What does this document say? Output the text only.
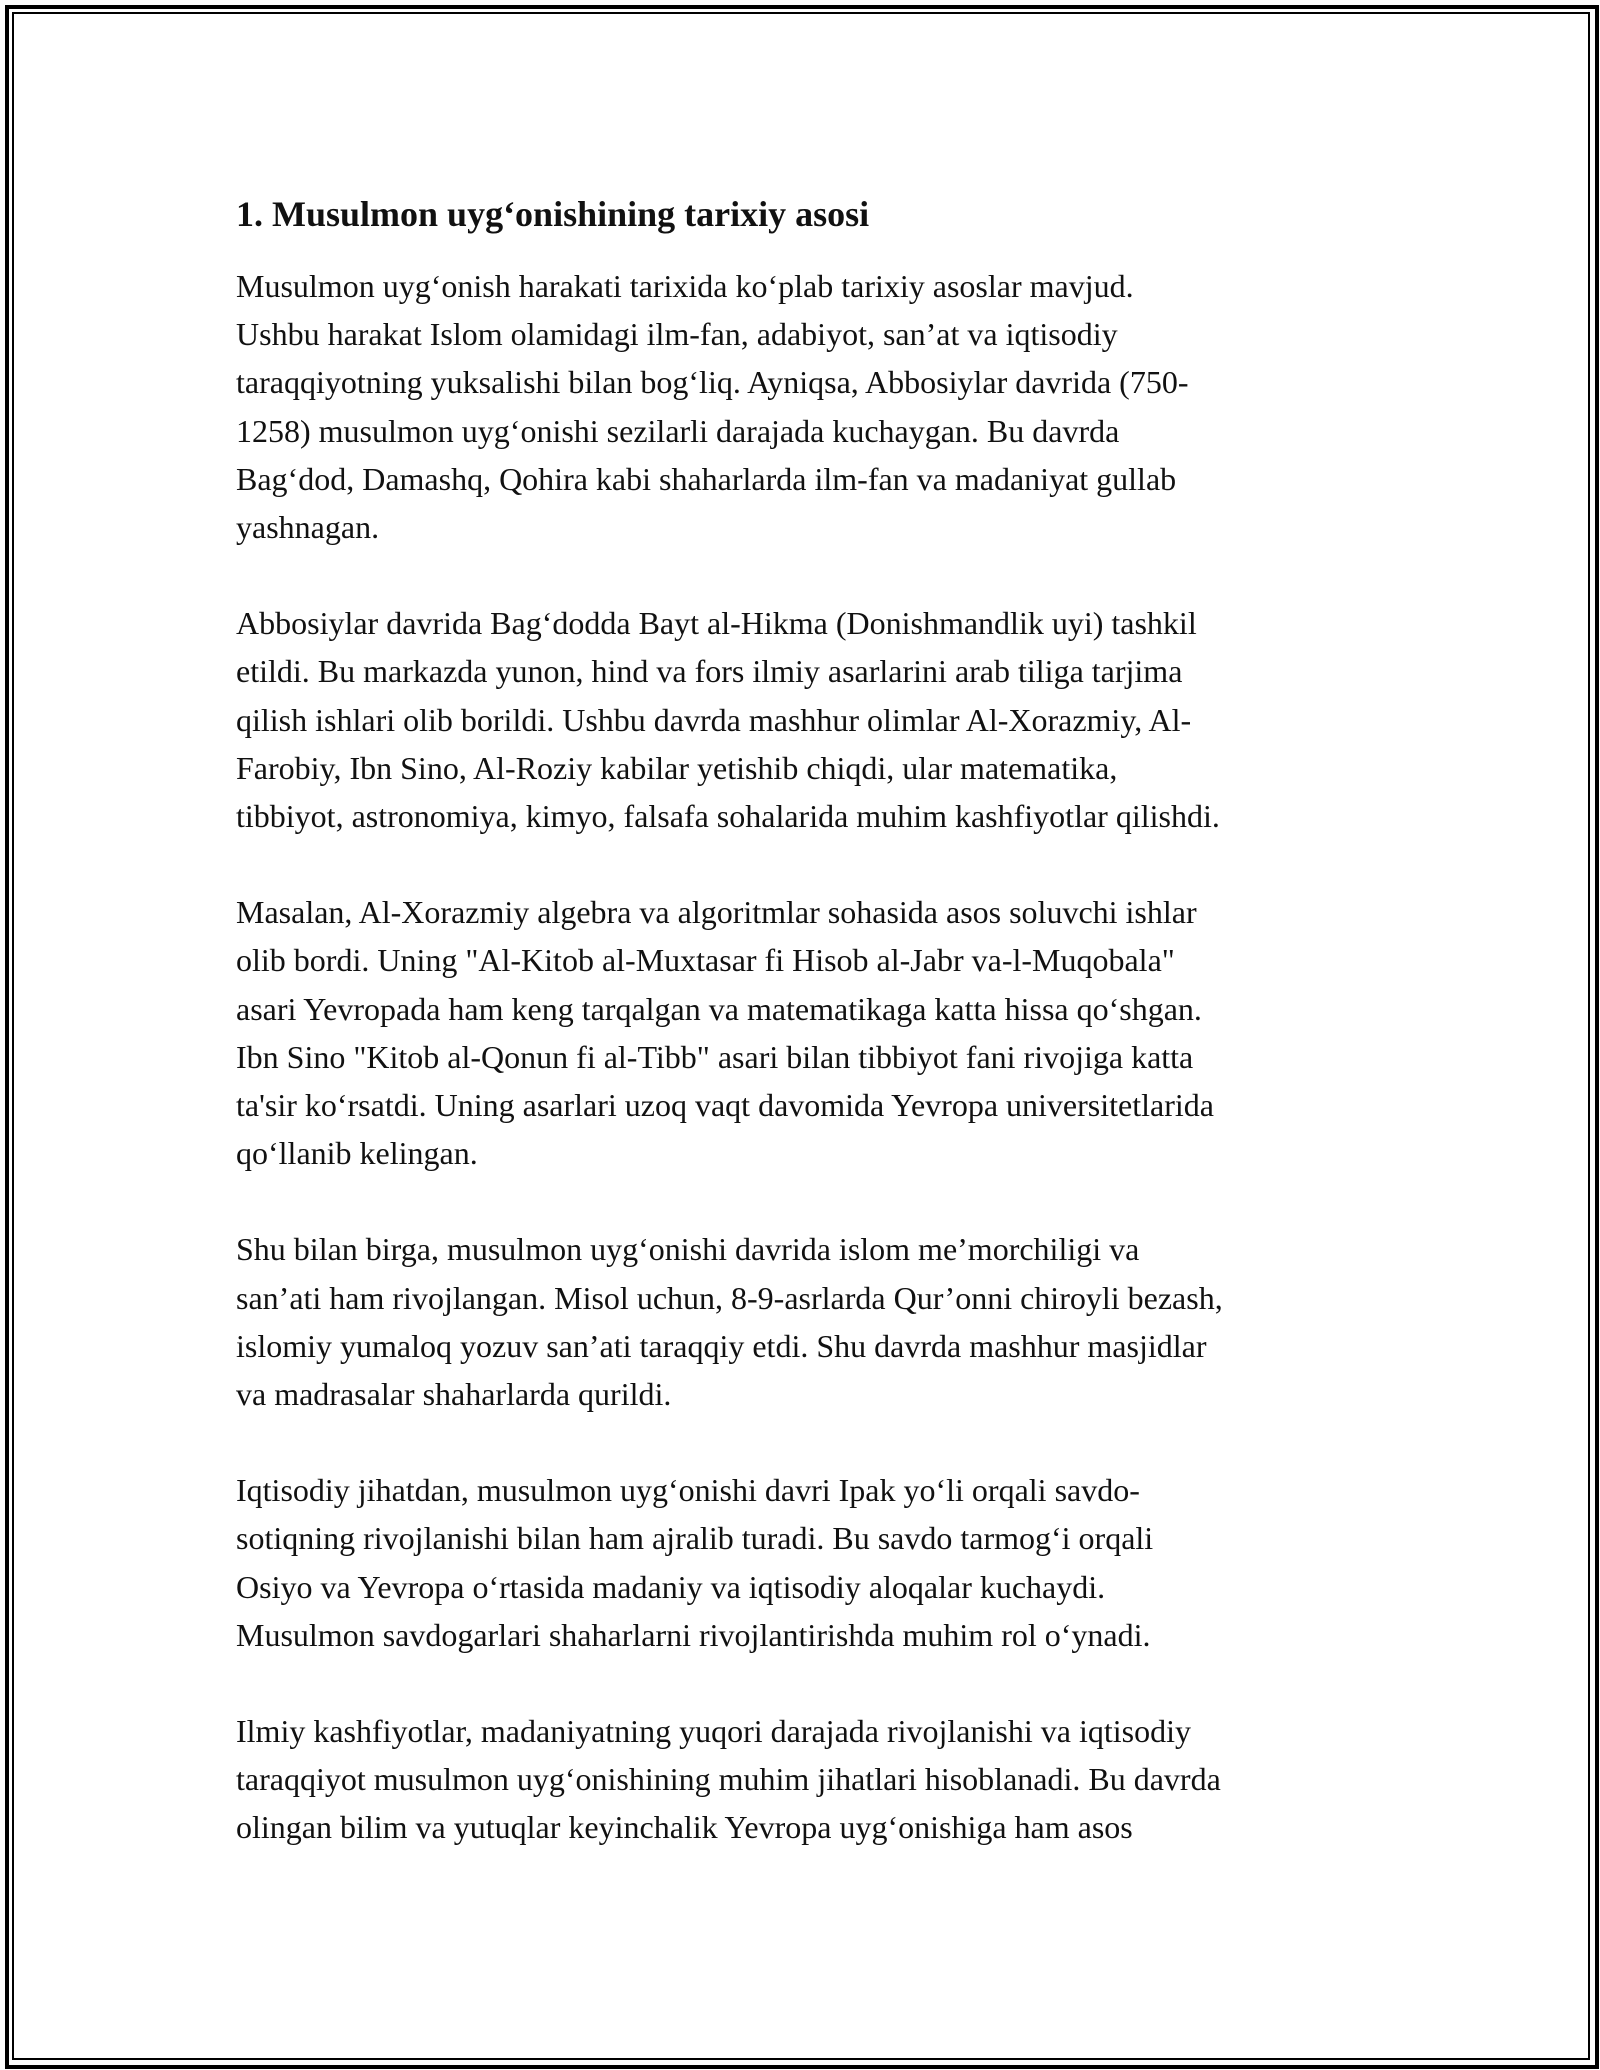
1. Musulmon uyg‘onishining tarixiy asosi

Musulmon uyg‘onish harakati tarixida ko‘plab tarixiy asoslar mavjud.
Ushbu harakat Islom olamidagi ilm-fan, adabiyot, san’at va iqtisodiy
taraqqiyotning yuksalishi bilan bog‘liq. Ayniqsa, Abbosiylar davrida (750-
1258) musulmon uyg‘onishi sezilarli darajada kuchaygan. Bu davrda
Bag‘dod, Damashq, Qohira kabi shaharlarda ilm-fan va madaniyat gullab
yashnagan.

Abbosiylar davrida Bag‘dodda Bayt al-Hikma (Donishmandlik uyi) tashkil
etildi. Bu markazda yunon, hind va fors ilmiy asarlarini arab tiliga tarjima
qilish ishlari olib borildi. Ushbu davrda mashhur olimlar Al-Xorazmiy, Al-
Farobiy, Ibn Sino, Al-Roziy kabilar yetishib chiqdi, ular matematika,
tibbiyot, astronomiya, kimyo, falsafa sohalarida muhim kashfiyotlar qilishdi.

Masalan, Al-Xorazmiy algebra va algoritmlar sohasida asos soluvchi ishlar
olib bordi. Uning "Al-Kitob al-Muxtasar fi Hisob al-Jabr va-l-Muqobala"
asari Yevropada ham keng tarqalgan va matematikaga katta hissa qo‘shgan.
Ibn Sino "Kitob al-Qonun fi al-Tibb" asari bilan tibbiyot fani rivojiga katta
ta'sir ko‘rsatdi. Uning asarlari uzoq vaqt davomida Yevropa universitetlarida
qo‘llanib kelingan.

Shu bilan birga, musulmon uyg‘onishi davrida islom me’morchiligi va
san’ati ham rivojlangan. Misol uchun, 8-9-asrlarda Qur’onni chiroyli bezash,
islomiy yumaloq yozuv san’ati taraqqiy etdi. Shu davrda mashhur masjidlar
va madrasalar shaharlarda qurildi.

Iqtisodiy jihatdan, musulmon uyg‘onishi davri Ipak yo‘li orqali savdo-
sotiqning rivojlanishi bilan ham ajralib turadi. Bu savdo tarmog‘i orqali
Osiyo va Yevropa o‘rtasida madaniy va iqtisodiy aloqalar kuchaydi.
Musulmon savdogarlari shaharlarni rivojlantirishda muhim rol o‘ynadi.

Ilmiy kashfiyotlar, madaniyatning yuqori darajada rivojlanishi va iqtisodiy
taraqqiyot musulmon uyg‘onishining muhim jihatlari hisoblanadi. Bu davrda
olingan bilim va yutuqlar keyinchalik Yevropa uyg‘onishiga ham asos
